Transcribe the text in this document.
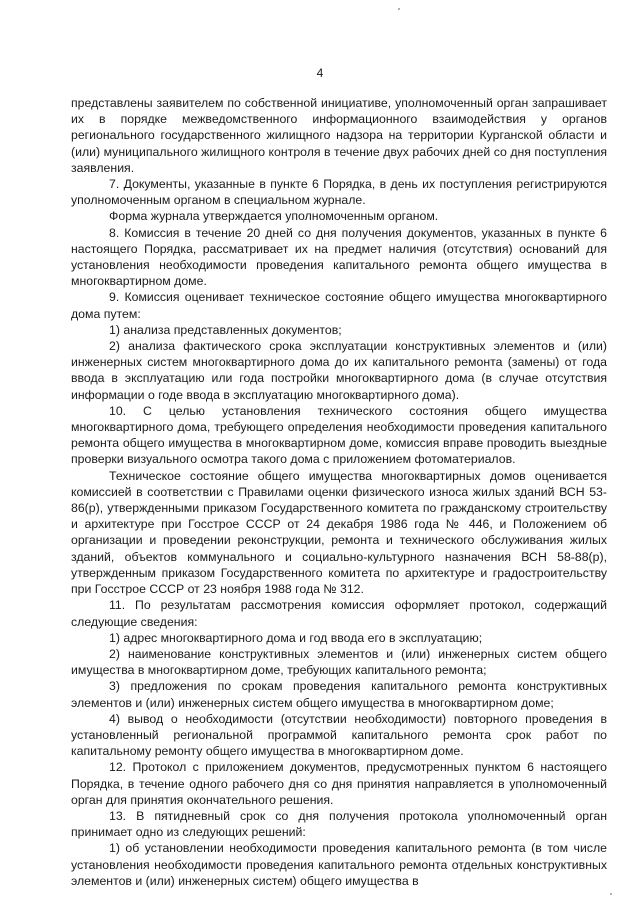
4

представлены заявителем по собственной инициативе, уполномоченный орган запрашивает их в порядке межведомственного информационного взаимодействия у органов регионального государственного жилищного надзора на территории Курганской области и (или) муниципального жилищного контроля в течение двух рабочих дней со дня поступления заявления.

7. Документы, указанные в пункте 6 Порядка, в день их поступления регистрируются уполномоченным органом в специальном журнале.

Форма журнала утверждается уполномоченным органом.

8. Комиссия в течение 20 дней со дня получения документов, указанных в пункте 6 настоящего Порядка, рассматривает их на предмет наличия (отсутствия) оснований для установления необходимости проведения капитального ремонта общего имущества в многоквартирном доме.

9. Комиссия оценивает техническое состояние общего имущества многоквартирного дома путем:

1) анализа представленных документов;

2) анализа фактического срока эксплуатации конструктивных элементов и (или) инженерных систем многоквартирного дома до их капитального ремонта (замены) от года ввода в эксплуатацию или года постройки многоквартирного дома (в случае отсутствия информации о годе ввода в эксплуатацию многоквартирного дома).

10. С целью установления технического состояния общего имущества многоквартирного дома, требующего определения необходимости проведения капитального ремонта общего имущества в многоквартирном доме, комиссия вправе проводить выездные проверки визуального осмотра такого дома с приложением фотоматериалов.

Техническое состояние общего имущества многоквартирных домов оценивается комиссией в соответствии с Правилами оценки физического износа жилых зданий ВСН 53-86(р), утвержденными приказом Государственного комитета по гражданскому строительству и архитектуре при Госстрое СССР от 24 декабря 1986 года № 446, и Положением об организации и проведении реконструкции, ремонта и технического обслуживания жилых зданий, объектов коммунального и социально-культурного назначения ВСН 58-88(р), утвержденным приказом Государственного комитета по архитектуре и градостроительству при Госстрое СССР от 23 ноября 1988 года № 312.

11. По результатам рассмотрения комиссия оформляет протокол, содержащий следующие сведения:

1) адрес многоквартирного дома и год ввода его в эксплуатацию;

2) наименование конструктивных элементов и (или) инженерных систем общего имущества в многоквартирном доме, требующих капитального ремонта;

3) предложения по срокам проведения капитального ремонта конструктивных элементов и (или) инженерных систем общего имущества в многоквартирном доме;

4) вывод о необходимости (отсутствии необходимости) повторного проведения в установленный региональной программой капитального ремонта срок работ по капитальному ремонту общего имущества в многоквартирном доме.

12. Протокол с приложением документов, предусмотренных пунктом 6 настоящего Порядка, в течение одного рабочего дня со дня принятия направляется в уполномоченный орган для принятия окончательного решения.

13. В пятидневный срок со дня получения протокола уполномоченный орган принимает одно из следующих решений:

1) об установлении необходимости проведения капитального ремонта (в том числе установления необходимости проведения капитального ремонта отдельных конструктивных элементов и (или) инженерных систем) общего имущества в
